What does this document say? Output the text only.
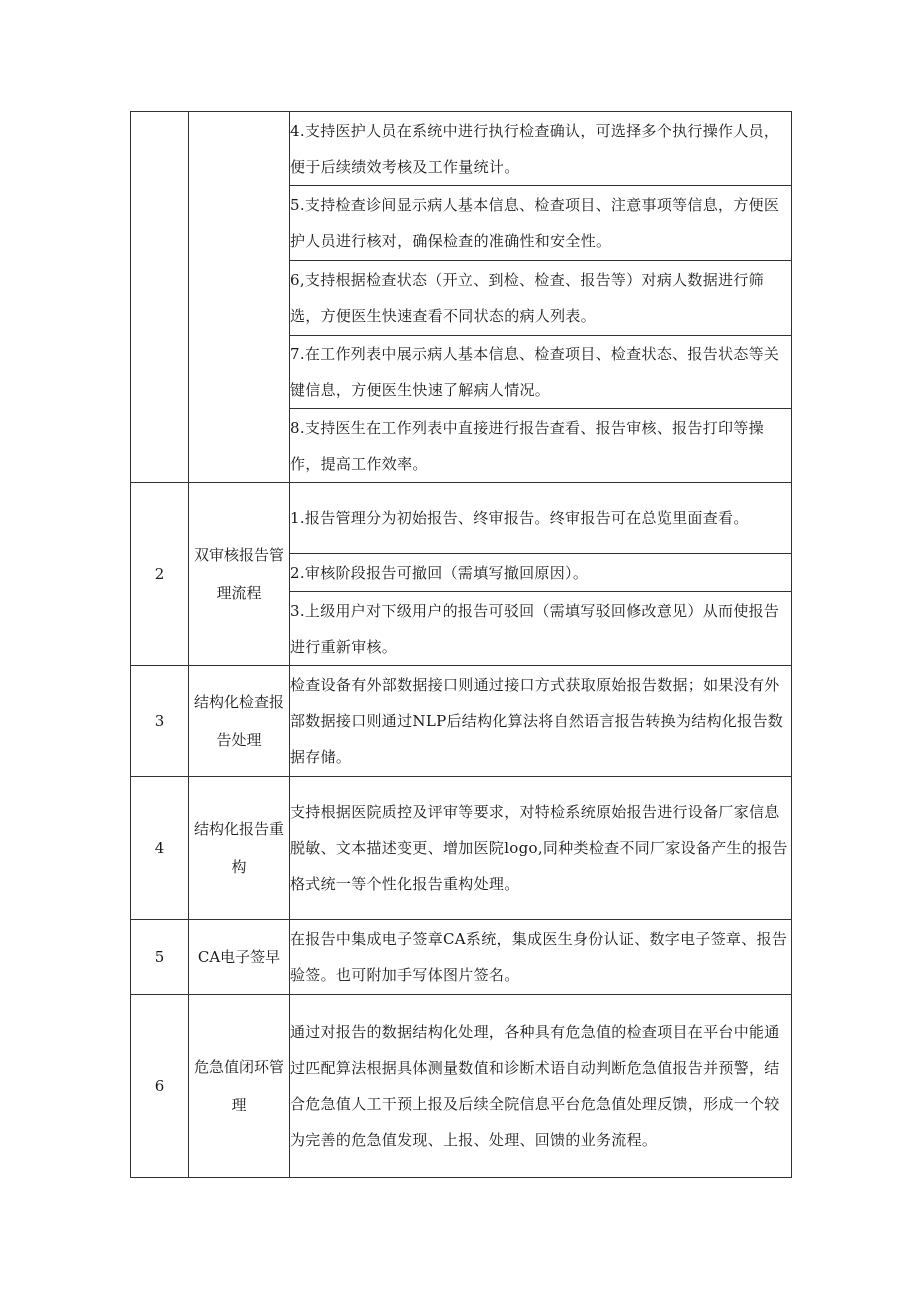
		4.支持医护人员在系统中进行执行检查确认，可选择多个执行操作人员，便于后续绩效考核及工作量统计。
		5.支持检查诊间显示病人基本信息、检查项目、注意事项等信息，方便医护人员进行核对，确保检查的准确性和安全性。
		6,支持根据检查状态（开立、到检、检查、报告等）对病人数据进行筛选，方便医生快速查看不同状态的病人列表。
		7.在工作列表中展示病人基本信息、检查项目、检查状态、报告状态等关键信息，方便医生快速了解病人情况。
		8.支持医生在工作列表中直接进行报告查看、报告审核、报告打印等操作，提高工作效率。
2	双审核报告管理流程	1.报告管理分为初始报告、终审报告。终审报告可在总览里面查看。
		2.审核阶段报告可撤回（需填写撤回原因）。
		3.上级用户对下级用户的报告可驳回（需填写驳回修改意见）从而使报告进行重新审核。
3	结构化检查报告处理	检查设备有外部数据接口则通过接口方式获取原始报告数据；如果没有外部数据接口则通过NLP后结构化算法将自然语言报告转换为结构化报告数据存储。
4	结构化报告重构	支持根据医院质控及评审等要求，对特检系统原始报告进行设备厂家信息脱敏、文本描述变更、增加医院logo,同种类检查不同厂家设备产生的报告格式统一等个性化报告重构处理。
5	CA电子签早	在报告中集成电子签章CA系统，集成医生身份认证、数字电子签章、报告验签。也可附加手写体图片签名。
6	危急值闭环管理	通过对报告的数据结构化处理，各种具有危急值的检查项目在平台中能通过匹配算法根据具体测量数值和诊断术语自动判断危急值报告并预警，结合危急值人工干预上报及后续全院信息平台危急值处理反馈，形成一个较为完善的危急值发现、上报、处理、回馈的业务流程。
